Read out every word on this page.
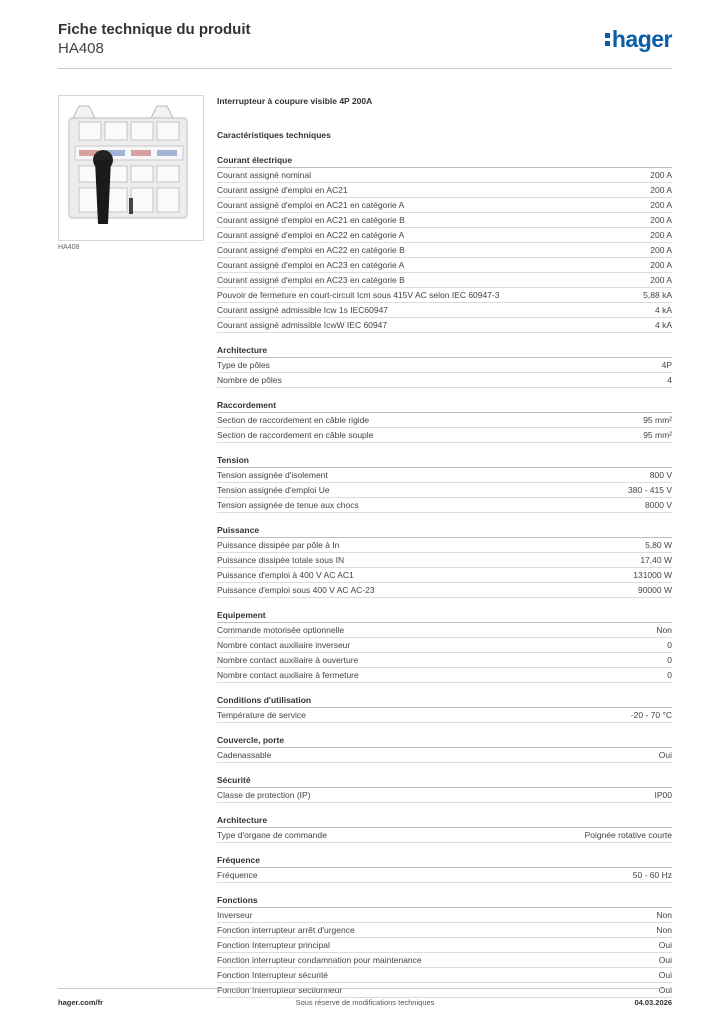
Fiche technique du produit
HA408	hager
HA408
Interrupteur à coupure visible 4P 200A
Caractéristiques techniques
Courant électrique
Courant assigné nominal	200 A
Courant assigné d'emploi en AC21	200 A
Courant assigné d'emploi en AC21 en catégorie A	200 A
Courant assigné d'emploi en AC21 en catégorie B	200 A
Courant assigné d'emploi en AC22 en catégorie A	200 A
Courant assigné d'emploi en AC22 en catégorie B	200 A
Courant assigné d'emploi en AC23 en catégorie A	200 A
Courant assigné d'emploi en AC23 en catégorie B	200 A
Pouvoir de fermeture en court-circuit Icm sous 415V AC selon IEC 60947-3	5,88 kA
Courant assigné admissible Icw 1s IEC60947	4 kA
Courant assigné admissible IcwW IEC 60947	4 kA
Architecture
Type de pôles	4P
Nombre de pôles	4
Raccordement
Section de raccordement en câble rigide	95 mm²
Section de raccordement en câble souple	95 mm²
Tension
Tension assignée d'isolement	800 V
Tension assignée d'emploi Ue	380 - 415 V
Tension assignée de tenue aux chocs	8000 V
Puissance
Puissance dissipée par pôle à In	5,80 W
Puissance dissipée totale sous IN	17,40 W
Puissance d'emploi à 400 V AC AC1	131000 W
Puissance d'emploi sous 400 V AC AC-23	90000 W
Equipement
Commande motorisée optionnelle	Non
Nombre contact auxiliaire inverseur	0
Nombre contact auxiliaire à ouverture	0
Nombre contact auxiliaire à fermeture	0
Conditions d'utilisation
Température de service	-20 - 70 °C
Couvercle, porte
Cadenassable	Oui
Sécurité
Classe de protection (IP)	IP00
Architecture
Type d'organe de commande	Poignée rotative courte
Fréquence
Fréquence	50 - 60 Hz
Fonctions
Inverseur	Non
Fonction interrupteur arrêt d'urgence	Non
Fonction Interrupteur principal	Oui
Fonction interrupteur condamnation pour maintenance	Oui
Fonction Interrupteur sécurité	Oui
Fonction Interrupteur sectionneur	Oui
hager.com/fr	Sous réserve de modifications techniques	04.03.2026
